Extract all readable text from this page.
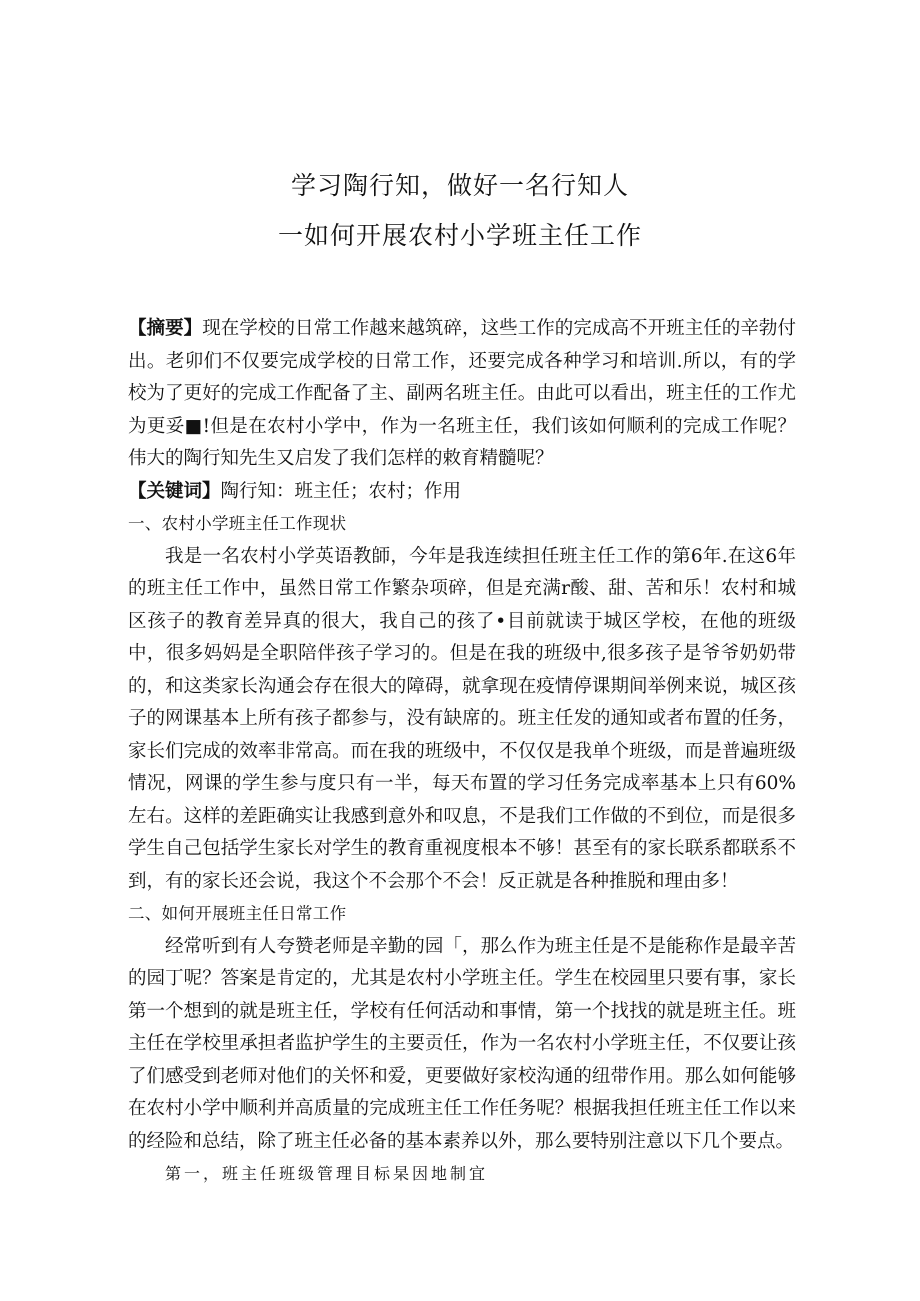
学习陶行知，做好一名行知人
一如何开展农村小学班主任工作

【摘要】现在学校的日常工作越来越筑碎，这些工作的完成高不开班主任的辛勃付出。老卯们不仅要完成学校的日常工作，还要完成各种学习和培训.所以，有的学校为了更好的完成工作配备了主、副两名班主任。由此可以看出，班主任的工作尤为更妥■!但是在农村小学中，作为一名班主任，我们该如何顺利的完成工作呢？伟大的陶行知先生又启发了我们怎样的敕育精髓呢？

【关键词】陶行知：班主任；农村；作用

一、农村小学班主任工作现状

我是一名农村小学英语教師，今年是我连续担任班主任工作的第6年.在这6年的班主任工作中，虽然日常工作繁杂项碎，但是充满r酸、甜、苦和乐！农村和城区孩子的教育差异真的很大，我自己的孩了•目前就读于城区学校，在他的班级中，很多妈妈是全职陪伴孩子学习的。但是在我的班级中,很多孩子是爷爷奶奶带的，和这类家长沟通会存在很大的障碍，就拿现在疫情停课期间举例来说，城区孩子的网课基本上所有孩子都参与，没有缺席的。班主任发的通知或者布置的任务，家长们完成的效率非常高。而在我的班级中，不仅仅是我单个班级，而是普遍班级情况，网课的学生参与度只有一半，每天布置的学习任务完成率基本上只有60%左右。这样的差距确实让我感到意外和叹息，不是我们工作做的不到位，而是很多学生自己包括学生家长对学生的教育重视度根本不够！甚至有的家长联系都联系不到，有的家长还会说，我这个不会那个不会！反正就是各种推脱和理由多！

二、如何开展班主任日常工作

经常听到有人夸赞老师是辛勤的园「，那么作为班主任是不是能称作是最辛苦的园丁呢？答案是肯定的，尤其是农村小学班主任。学生在校园里只要有事，家长第一个想到的就是班主任，学校有任何活动和事情，第一个找找的就是班主任。班主任在学校里承担者监护学生的主要贡任，作为一名农村小学班主任，不仅要让孩了们感受到老师对他们的关怀和爱，更要做好家校沟通的纽带作用。那么如何能够在农村小学中顺利并高质量的完成班主任工作任务呢？根据我担任班主任工作以来的经险和总结，除了班主任必备的基本素养以外，那么要特别注意以下几个要点。

第一，班主任班级管理目标杲因地制宜
